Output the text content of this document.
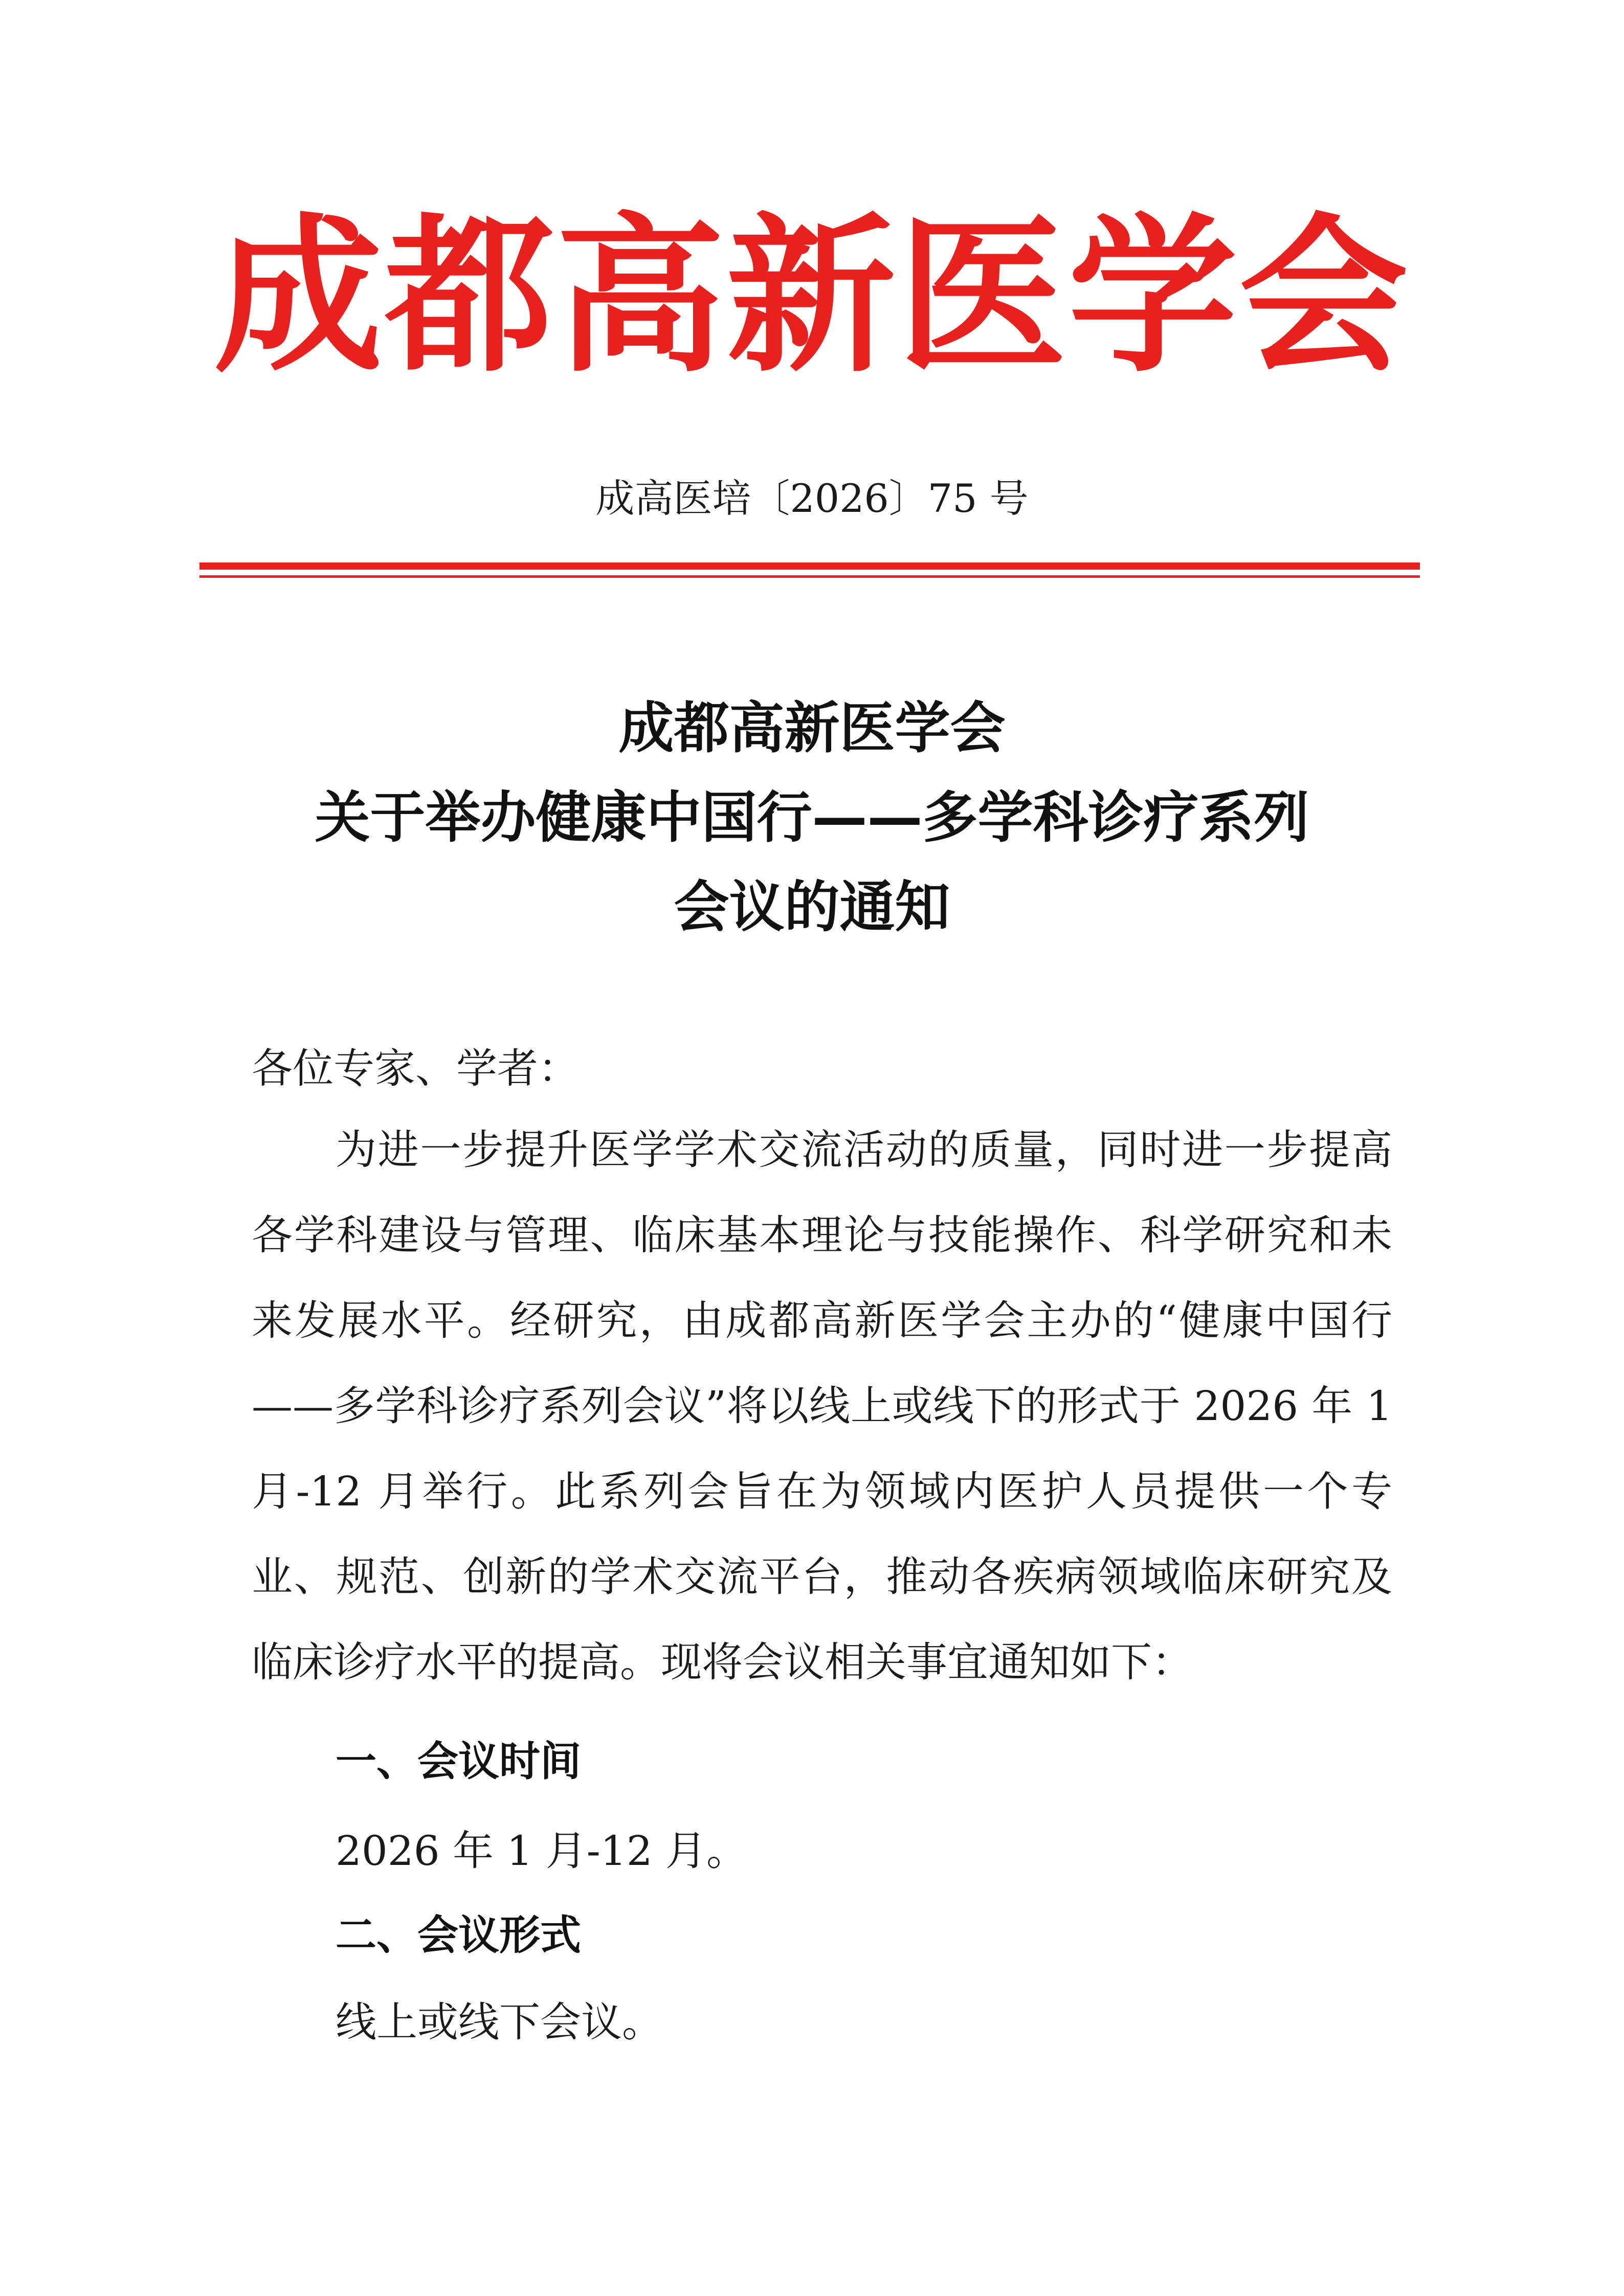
成都高新医学会
成高医培〔2026〕75 号
成都高新医学会
关于举办健康中国行——多学科诊疗系列
会议的通知
各位专家、学者：
为进一步提升医学学术交流活动的质量，同时进一步提高各学科建设与管理、临床基本理论与技能操作、科学研究和未来发展水平。经研究，由成都高新医学会主办的“健康中国行——多学科诊疗系列会议”将以线上或线下的形式于 2026 年 1 月-12 月举行。此系列会旨在为领域内医护人员提供一个专业、规范、创新的学术交流平台，推动各疾病领域临床研究及临床诊疗水平的提高。现将会议相关事宜通知如下：
一、会议时间
2026 年 1 月-12 月。
二、会议形式
线上或线下会议。
